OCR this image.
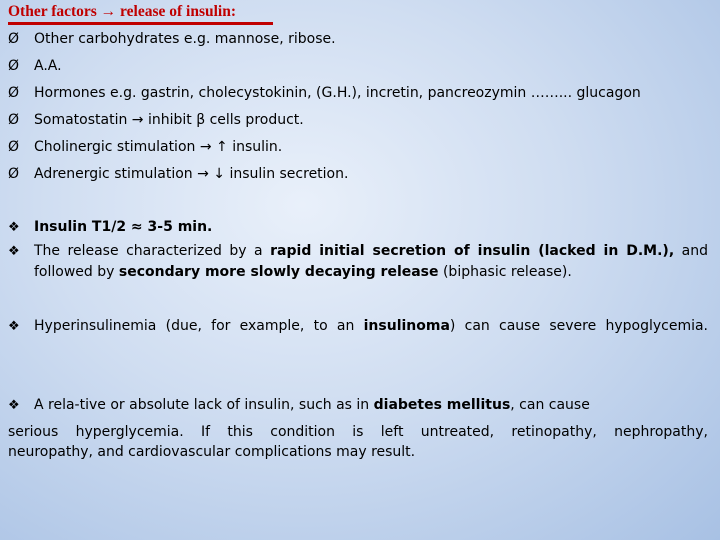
Other factors → release of insulin:
Ø Other carbohydrates e.g. mannose, ribose.
Ø A.A.
Ø Hormones e.g. gastrin, cholecystokinin, (G.H.), incretin, pancreozymin ……... glucagon
Ø Somatostatin → inhibit β cells product.
Ø Cholinergic stimulation → ↑ insulin.
Ø Adrenergic stimulation → ↓ insulin secretion.
❖	Insulin T1/2 ≈ 3-5 min.
❖	The release characterized by a rapid initial secretion of insulin (lacked in D.M.), and followed by secondary more slowly decaying release (biphasic release).
❖	Hyperinsulinemia (due, for example, to an insulinoma) can cause severe hypoglycemia.
❖	A rela-tive or absolute lack of insulin, such as in diabetes mellitus, can cause
serious hyperglycemia. If this condition is left untreated, retinopathy, nephropathy,
neuropathy, and cardiovascular complications may result.
